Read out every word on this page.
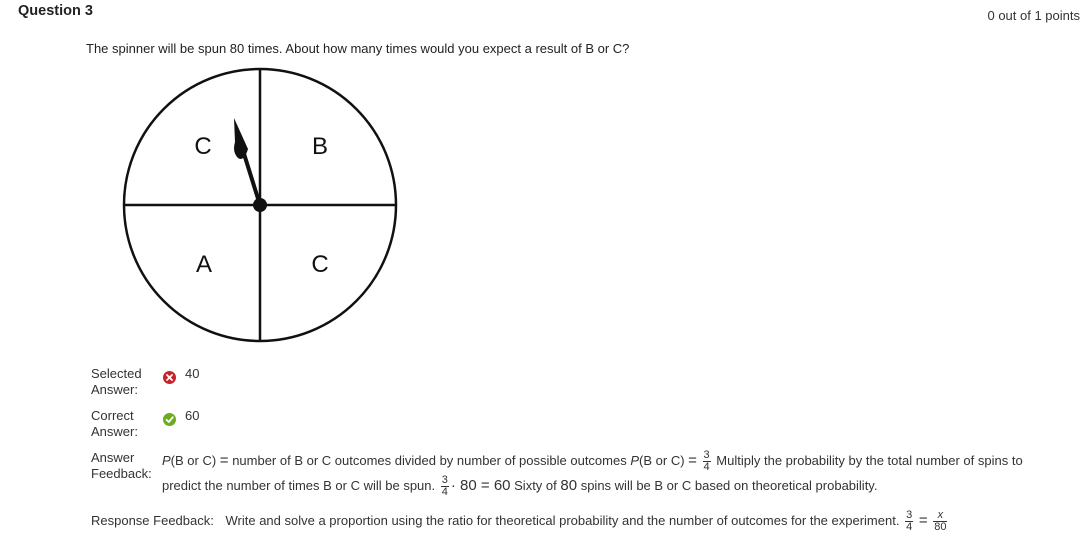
Question 3	0 out of 1 points
The spinner will be spun 80 times. About how many times would you expect a result of B or C?
C	B
A	C
Selected Answer:
40
Correct Answer:
60
Answer Feedback:
P(B or C) = number of B or C outcomes divided by number of possible outcomes P(B or $C) = \frac{3}{4}$ Multiply the probability by the total number of spins to predict the number of times B or C will be spun. $\frac{3}{4} \cdot 80 = 60$ Sixty of 80 spins will be B or C based on theoretical probability.
Response Feedback: Write and solve a proportion using the ratio for theoretical probability and the number of outcomes for the experiment. $\frac{3}{4} = \frac{x}{80}$
